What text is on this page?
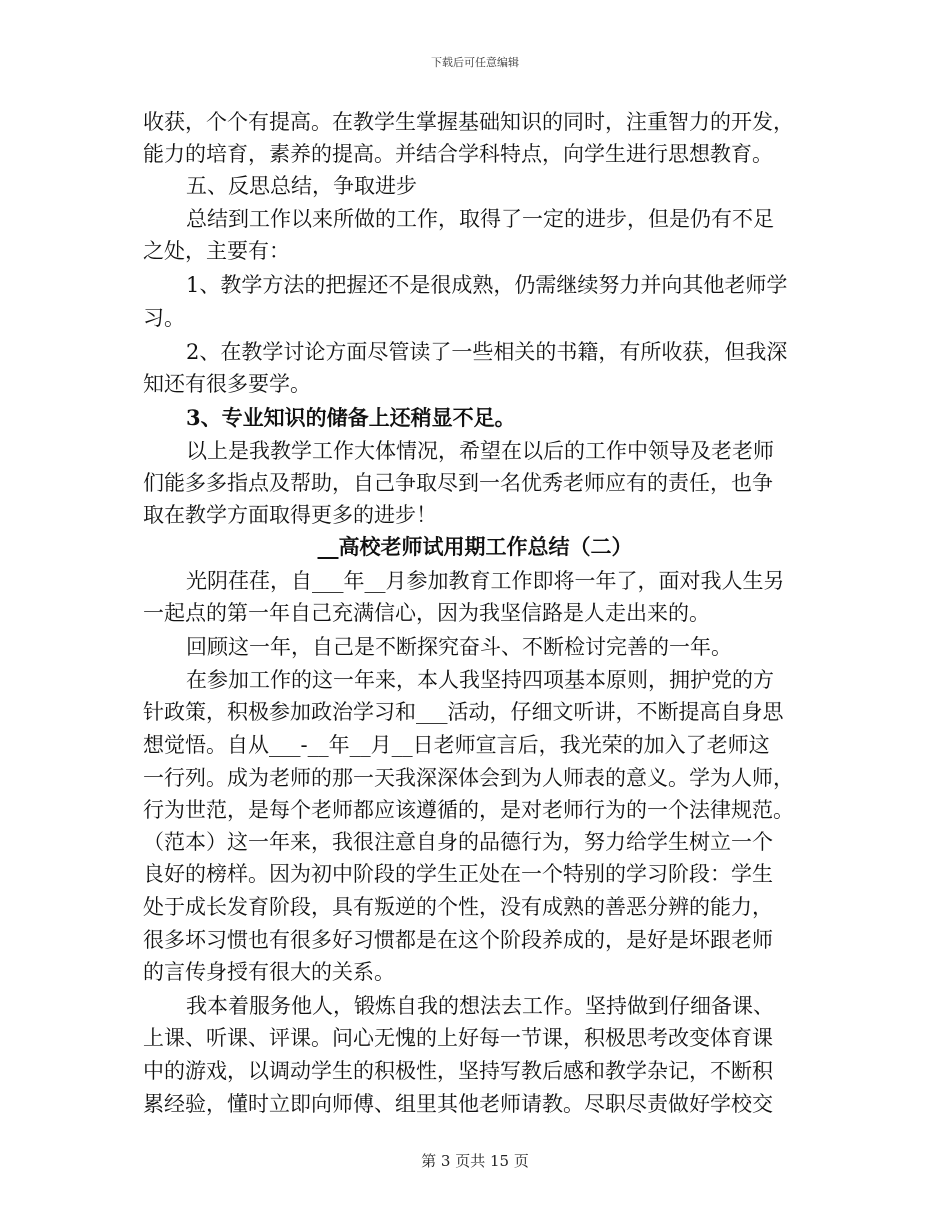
下载后可任意编辑
收获，个个有提高。在教学生掌握基础知识的同时，注重智力的开发，
能力的培育，素养的提高。并结合学科特点，向学生进行思想教育。
五、反思总结，争取进步
总结到工作以来所做的工作，取得了一定的进步，但是仍有不足
之处，主要有：
1、教学方法的把握还不是很成熟，仍需继续努力并向其他老师学
习。
2、在教学讨论方面尽管读了一些相关的书籍，有所收获，但我深
知还有很多要学。
3、专业知识的储备上还稍显不足。
以上是我教学工作大体情况，希望在以后的工作中领导及老老师
们能多多指点及帮助，自己争取尽到一名优秀老师应有的责任，也争
取在教学方面取得更多的进步！
__高校老师试用期工作总结（二）
光阴荏荏，自___年__月参加教育工作即将一年了，面对我人生另
一起点的第一年自己充满信心，因为我坚信路是人走出来的。
回顾这一年，自己是不断探究奋斗、不断检讨完善的一年。
在参加工作的这一年来，本人我坚持四项基本原则，拥护党的方
针政策，积极参加政治学习和___活动，仔细文听讲，不断提高自身思
想觉悟。自从___-__年__月__日老师宣言后，我光荣的加入了老师这
一行列。成为老师的那一天我深深体会到为人师表的意义。学为人师，
行为世范，是每个老师都应该遵循的，是对老师行为的一个法律规范。
（范本）这一年来，我很注意自身的品德行为，努力给学生树立一个
良好的榜样。因为初中阶段的学生正处在一个特别的学习阶段：学生
处于成长发育阶段，具有叛逆的个性，没有成熟的善恶分辨的能力，
很多坏习惯也有很多好习惯都是在这个阶段养成的，是好是坏跟老师
的言传身授有很大的关系。
我本着服务他人，锻炼自我的想法去工作。坚持做到仔细备课、
上课、听课、评课。问心无愧的上好每一节课，积极思考改变体育课
中的游戏，以调动学生的积极性，坚持写教后感和教学杂记，不断积
累经验，懂时立即向师傅、组里其他老师请教。尽职尽责做好学校交
第 3 页共 15 页
